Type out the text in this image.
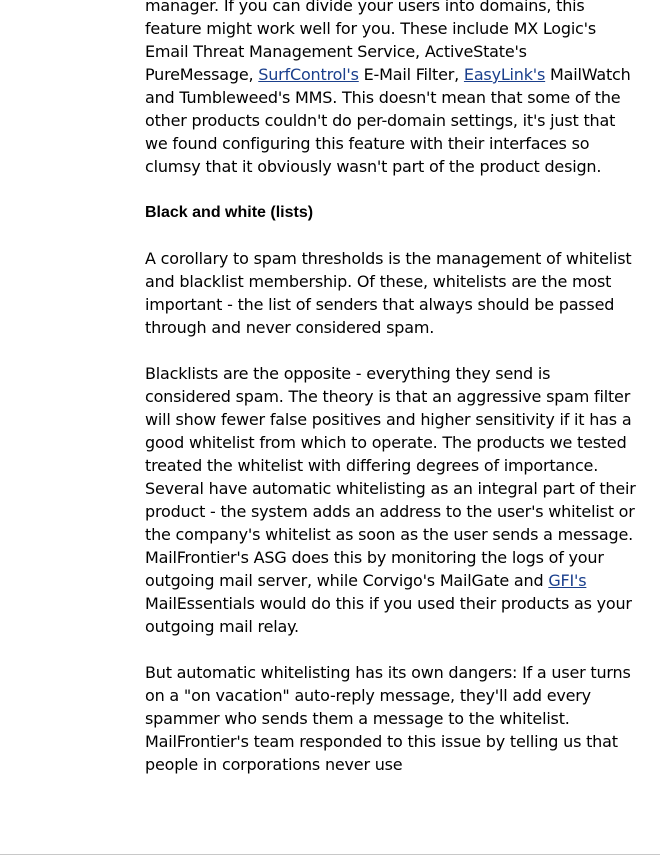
manager. If you can divide your users into domains, this feature might work well for you. These include MX Logic's Email Threat Management Service, ActiveState's PureMessage, SurfControl's E-Mail Filter, EasyLink's MailWatch and Tumbleweed's MMS. This doesn't mean that some of the other products couldn't do per-domain settings, it's just that we found configuring this feature with their interfaces so clumsy that it obviously wasn't part of the product design.

Black and white (lists)

A corollary to spam thresholds is the management of whitelist and blacklist membership. Of these, whitelists are the most important - the list of senders that always should be passed through and never considered spam.

Blacklists are the opposite - everything they send is considered spam. The theory is that an aggressive spam filter will show fewer false positives and higher sensitivity if it has a good whitelist from which to operate. The products we tested treated the whitelist with differing degrees of importance. Several have automatic whitelisting as an integral part of their product - the system adds an address to the user's whitelist or the company's whitelist as soon as the user sends a message. MailFrontier's ASG does this by monitoring the logs of your outgoing mail server, while Corvigo's MailGate and GFI's MailEssentials would do this if you used their products as your outgoing mail relay.

But automatic whitelisting has its own dangers: If a user turns on a "on vacation" auto-reply message, they'll add every spammer who sends them a message to the whitelist. MailFrontier's team responded to this issue by telling us that people in corporations never use
